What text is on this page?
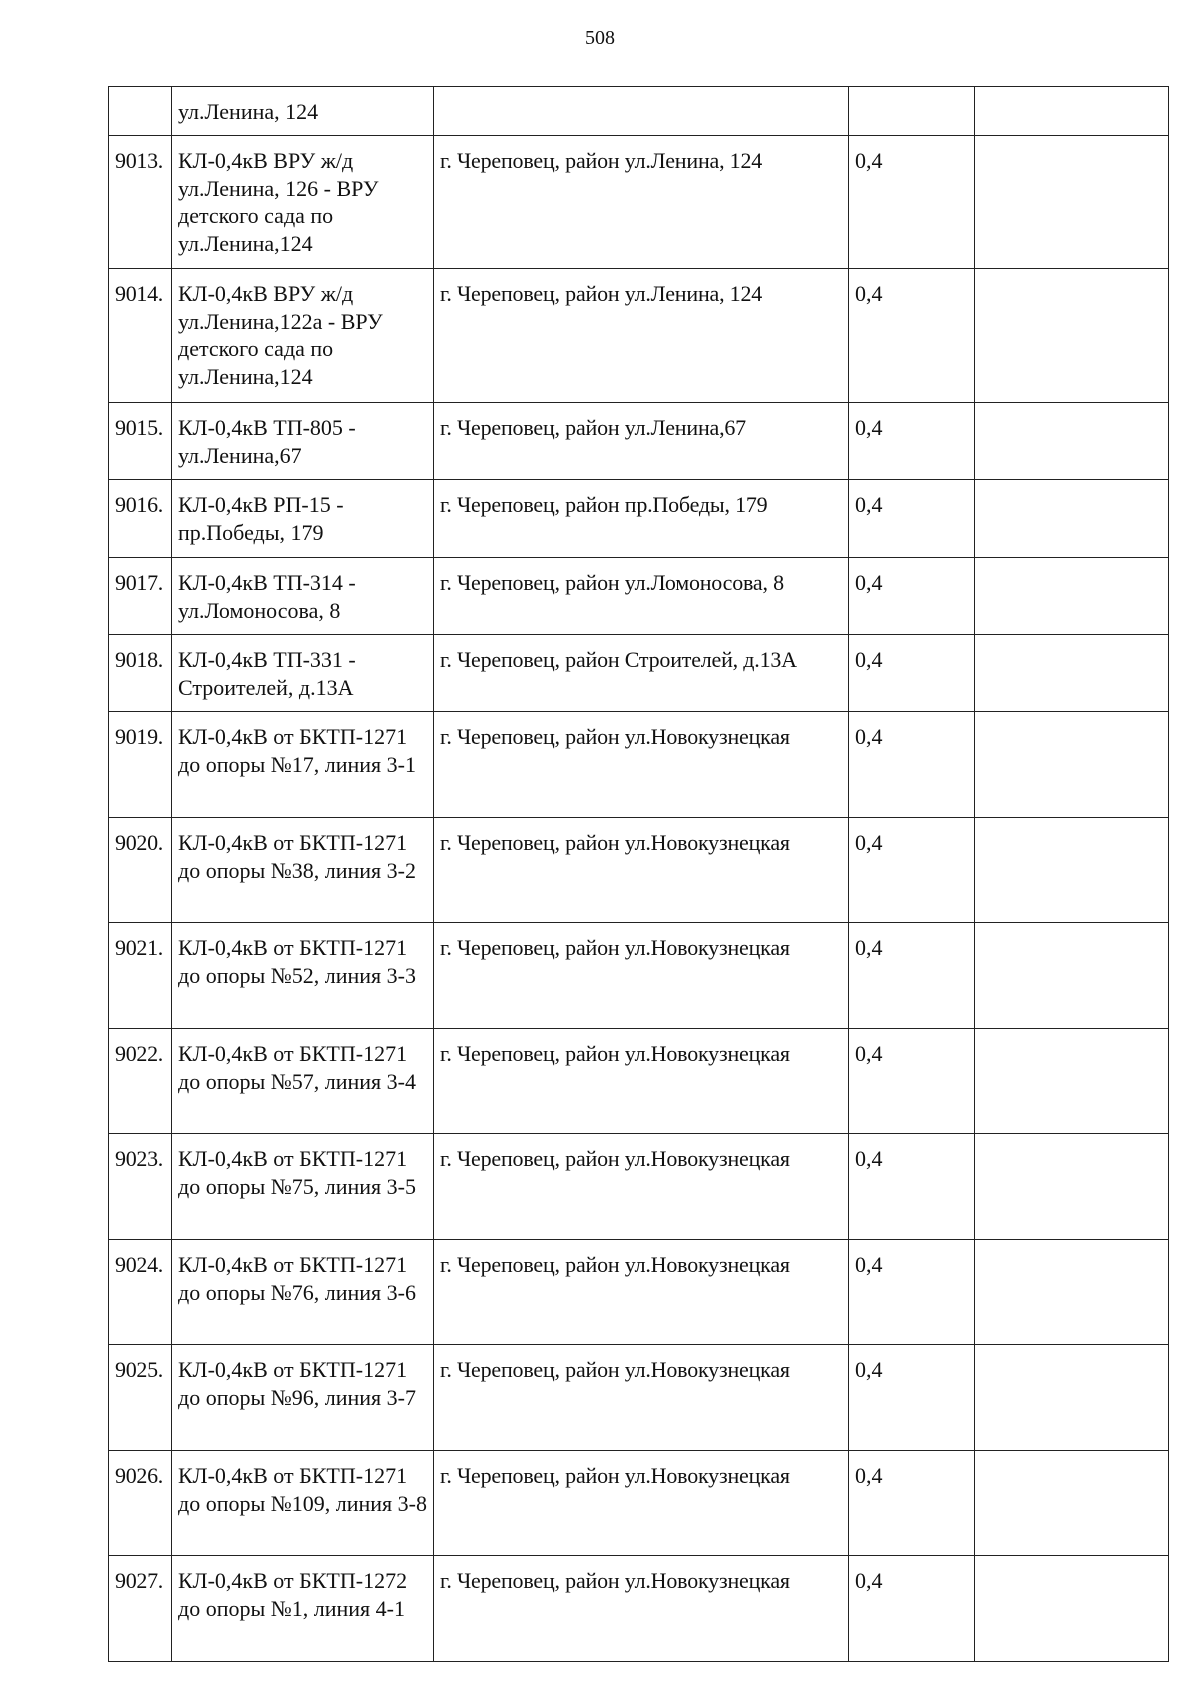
508
	ул.Ленина, 124			
9013.	КЛ-0,4кВ ВРУ ж/д ул.Ленина, 126 - ВРУ детского сада по ул.Ленина,124	г. Череповец, район ул.Ленина, 124	0,4	
9014.	КЛ-0,4кВ ВРУ ж/д ул.Ленина,122а - ВРУ детского сада по ул.Ленина,124	г. Череповец, район ул.Ленина, 124	0,4	
9015.	КЛ-0,4кВ ТП-805 - ул.Ленина,67	г. Череповец, район ул.Ленина,67	0,4	
9016.	КЛ-0,4кВ РП-15 - пр.Победы, 179	г. Череповец, район пр.Победы, 179	0,4	
9017.	КЛ-0,4кВ ТП-314 - ул.Ломоносова, 8	г. Череповец, район ул.Ломоносова, 8	0,4	
9018.	КЛ-0,4кВ ТП-331 - Строителей, д.13А	г. Череповец, район Строителей, д.13А	0,4	
9019.	КЛ-0,4кВ от БКТП-1271 до опоры №17, линия 3-1	г. Череповец, район ул.Новокузнецкая	0,4	
9020.	КЛ-0,4кВ от БКТП-1271 до опоры №38, линия 3-2	г. Череповец, район ул.Новокузнецкая	0,4	
9021.	КЛ-0,4кВ от БКТП-1271 до опоры №52, линия 3-3	г. Череповец, район ул.Новокузнецкая	0,4	
9022.	КЛ-0,4кВ от БКТП-1271 до опоры №57, линия 3-4	г. Череповец, район ул.Новокузнецкая	0,4	
9023.	КЛ-0,4кВ от БКТП-1271 до опоры №75, линия 3-5	г. Череповец, район ул.Новокузнецкая	0,4	
9024.	КЛ-0,4кВ от БКТП-1271 до опоры №76, линия 3-6	г. Череповец, район ул.Новокузнецкая	0,4	
9025.	КЛ-0,4кВ от БКТП-1271 до опоры №96, линия 3-7	г. Череповец, район ул.Новокузнецкая	0,4	
9026.	КЛ-0,4кВ от БКТП-1271 до опоры №109, линия 3-8	г. Череповец, район ул.Новокузнецкая	0,4	
9027.	КЛ-0,4кВ от БКТП-1272 до опоры №1, линия 4-1	г. Череповец, район ул.Новокузнецкая	0,4	
